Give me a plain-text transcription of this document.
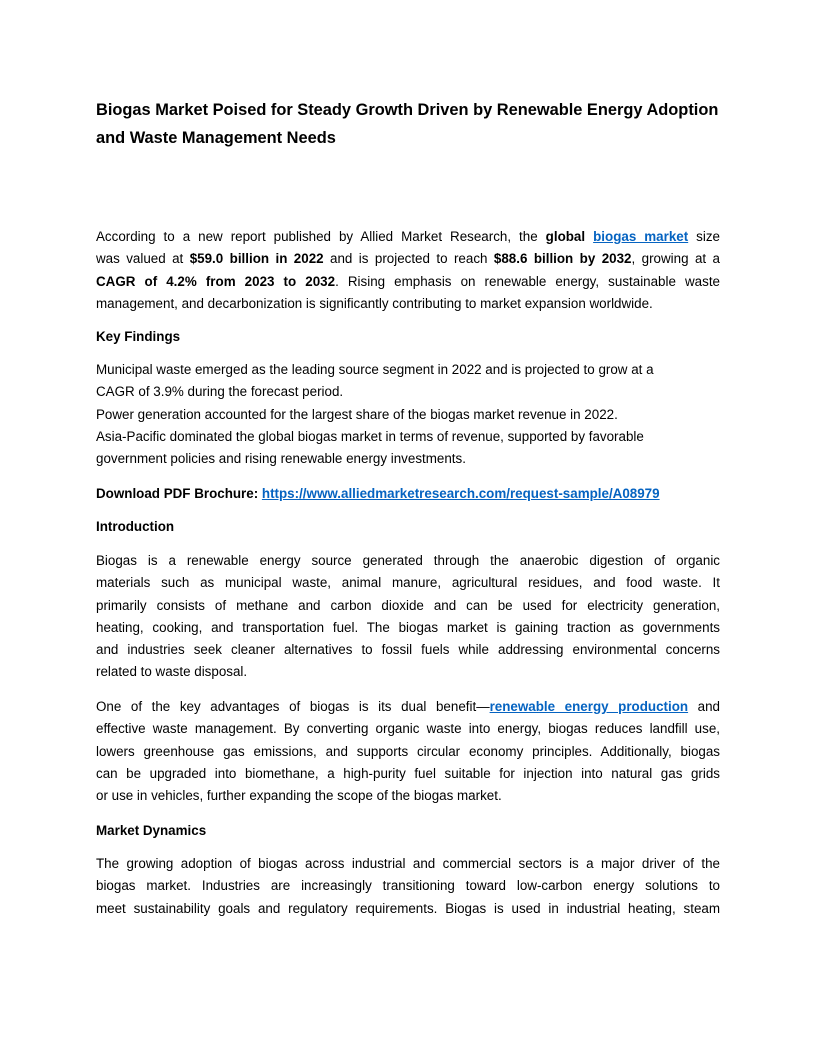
Biogas Market Poised for Steady Growth Driven by Renewable Energy Adoption
and Waste Management Needs
According to a new report published by Allied Market Research, the global biogas market size
was valued at $59.0 billion in 2022 and is projected to reach $88.6 billion by 2032, growing at a
CAGR of 4.2% from 2023 to 2032. Rising emphasis on renewable energy, sustainable waste
management, and decarbonization is significantly contributing to market expansion worldwide.
Key Findings
Municipal waste emerged as the leading source segment in 2022 and is projected to grow at a
CAGR of 3.9% during the forecast period.
Power generation accounted for the largest share of the biogas market revenue in 2022.
Asia-Pacific dominated the global biogas market in terms of revenue, supported by favorable
government policies and rising renewable energy investments.
Download PDF Brochure: https://www.alliedmarketresearch.com/request-sample/A08979
Introduction
Biogas is a renewable energy source generated through the anaerobic digestion of organic
materials such as municipal waste, animal manure, agricultural residues, and food waste. It
primarily consists of methane and carbon dioxide and can be used for electricity generation,
heating, cooking, and transportation fuel. The biogas market is gaining traction as governments
and industries seek cleaner alternatives to fossil fuels while addressing environmental concerns
related to waste disposal.
One of the key advantages of biogas is its dual benefit—renewable energy production and
effective waste management. By converting organic waste into energy, biogas reduces landfill use,
lowers greenhouse gas emissions, and supports circular economy principles. Additionally, biogas
can be upgraded into biomethane, a high-purity fuel suitable for injection into natural gas grids
or use in vehicles, further expanding the scope of the biogas market.
Market Dynamics
The growing adoption of biogas across industrial and commercial sectors is a major driver of the
biogas market. Industries are increasingly transitioning toward low-carbon energy solutions to
meet sustainability goals and regulatory requirements. Biogas is used in industrial heating, steam
